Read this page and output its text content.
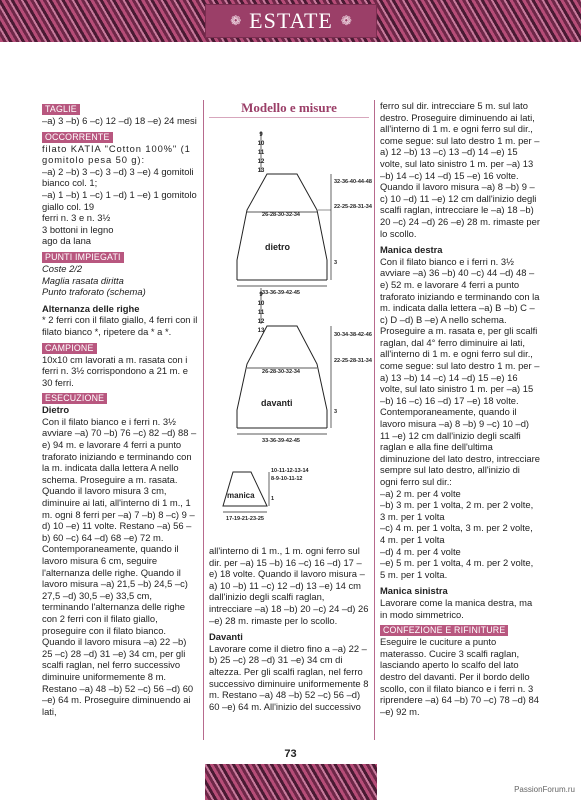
❁ ESTATE ❁
TAGLIE
–a) 3 –b) 6 –c) 12 –d) 18 –e) 24 mesi
OCCORRENTE
filato KATIA "Cotton 100%" (1 gomitolo pesa 50 g):
–a) 2 –b) 3 –c) 3 –d) 3 –e) 4 gomitoli bianco col. 1;
–a) 1 –b) 1 –c) 1 –d) 1 –e) 1 gomitolo giallo col. 19
ferri n. 3 e n. 3½
3 bottoni in legno
ago da lana
PUNTI IMPIEGATI
Coste 2/2
Maglia rasata diritta
Punto traforato (schema)
Alternanza delle righe
* 2 ferri con il filato giallo, 4 ferri con il filato bianco *, ripetere da * a *.
CAMPIONE
10x10 cm lavorati a m. rasata con i ferri n. 3½ corrispondono a 21 m. e 30 ferri.
ESECUZIONE
Dietro
Con il filato bianco e i ferri n. 3½ avviare –a) 70 –b) 76 –c) 82 –d) 88 –e) 94 m. e lavorare 4 ferri a punto traforato iniziando e terminando con la m. indicata dalla lettera A nello schema. Proseguire a m. rasata. Quando il lavoro misura 3 cm, diminuire ai lati, all'interno di 1 m., 1 m. ogni 8 ferri per –a) 7 –b) 8 –c) 9 –d) 10 –e) 11 volte. Restano –a) 56 –b) 60 –c) 64 –d) 68 –e) 72 m. Contemporaneamente, quando il lavoro misura 6 cm, seguire l'alternanza delle righe. Quando il lavoro misura –a) 21,5 –b) 24,5 –c) 27,5 –d) 30,5 –e) 33,5 cm, terminando l'alternanza delle righe con 2 ferri con il filato giallo, proseguire con il filato bianco. Quando il lavoro misura –a) 22 –b) 25 –c) 28 –d) 31 –e) 34 cm, per gli scalfi raglan, nel ferro successivo diminuire uniformemente 8 m. Restano –a) 48 –b) 52 –c) 56 –d) 60 –e) 64 m. Proseguire diminuendo ai lati,
Modello e misure
9
10
11
12
13
32-36-40-44-48
22-25-28-31-34
3
26-28-30-32-34
33-36-39-42-45
dietro
9
10
11
12
13
30-34-38-42-46
22-25-28-31-34
3
26-28-30-32-34
33-36-39-42-45
davanti
10-11-12-13-14
8-9-10-11-12
1
17-19-21-23-25
manica
all'interno di 1 m., 1 m. ogni ferro sul dir. per –a) 15 –b) 16 –c) 16 –d) 17 –e) 18 volte. Quando il lavoro misura –a) 10 –b) 11 –c) 12 –d) 13 –e) 14 cm dall'inizio degli scalfi raglan, intrecciare –a) 18 –b) 20 –c) 24 –d) 26 –e) 28 m. rimaste per lo scollo.
Davanti
Lavorare come il dietro fino a –a) 22 –b) 25 –c) 28 –d) 31 –e) 34 cm di altezza. Per gli scalfi raglan, nel ferro successivo diminuire uniformemente 8 m. Restano –a) 48 –b) 52 –c) 56 –d) 60 –e) 64 m. All'inizio del successivo
ferro sul dir. intrecciare 5 m. sul lato destro. Proseguire diminuendo ai lati, all'interno di 1 m. e ogni ferro sul dir., come segue: sul lato destro 1 m. per –a) 12 –b) 13 –c) 13 –d) 14 –e) 15 volte, sul lato sinistro 1 m. per –a) 13 –b) 14 –c) 14 –d) 15 –e) 16 volte. Quando il lavoro misura –a) 8 –b) 9 –c) 10 –d) 11 –e) 12 cm dall'inizio degli scalfi raglan, intrecciare le –a) 18 –b) 20 –c) 24 –d) 26 –e) 28 m. rimaste per lo scollo.
Manica destra
Con il filato bianco e i ferri n. 3½ avviare –a) 36 –b) 40 –c) 44 –d) 48 –e) 52 m. e lavorare 4 ferri a punto traforato iniziando e terminando con la m. indicata dalla lettera –a) B –b) C –c) D –d) B –e) A nello schema. Proseguire a m. rasata e, per gli scalfi raglan, dal 4° ferro diminuire ai lati, all'interno di 1 m. e ogni ferro sul dir., come segue: sul lato destro 1 m. per –a) 13 –b) 14 –c) 14 –d) 15 –e) 16 volte, sul lato sinistro 1 m. per –a) 15 –b) 16 –c) 16 –d) 17 –e) 18 volte. Contemporaneamente, quando il lavoro misura –a) 8 –b) 9 –c) 10 –d) 11 –e) 12 cm dall'inizio degli scalfi raglan e alla fine dell'ultima diminuzione del lato destro, intrecciare sempre sul lato destro, all'inizio di ogni ferro sul dir.:
–a) 2 m. per 4 volte
–b) 3 m. per 1 volta, 2 m. per 2 volte, 3 m. per 1 volta
–c) 4 m. per 1 volta, 3 m. per 2 volte, 4 m. per 1 volta
–d) 4 m. per 4 volte
–e) 5 m. per 1 volta, 4 m. per 2 volte, 5 m. per 1 volta.
Manica sinistra
Lavorare come la manica destra, ma in modo simmetrico.
CONFEZIONE E RIFINITURE
Eseguire le cuciture a punto materasso. Cucire 3 scalfi raglan, lasciando aperto lo scalfo del lato destro del davanti. Per il bordo dello scollo, con il filato bianco e i ferri n. 3 riprendere –a) 64 –b) 70 –c) 78 –d) 84 –e) 92 m.
73
PassionForum.ru
